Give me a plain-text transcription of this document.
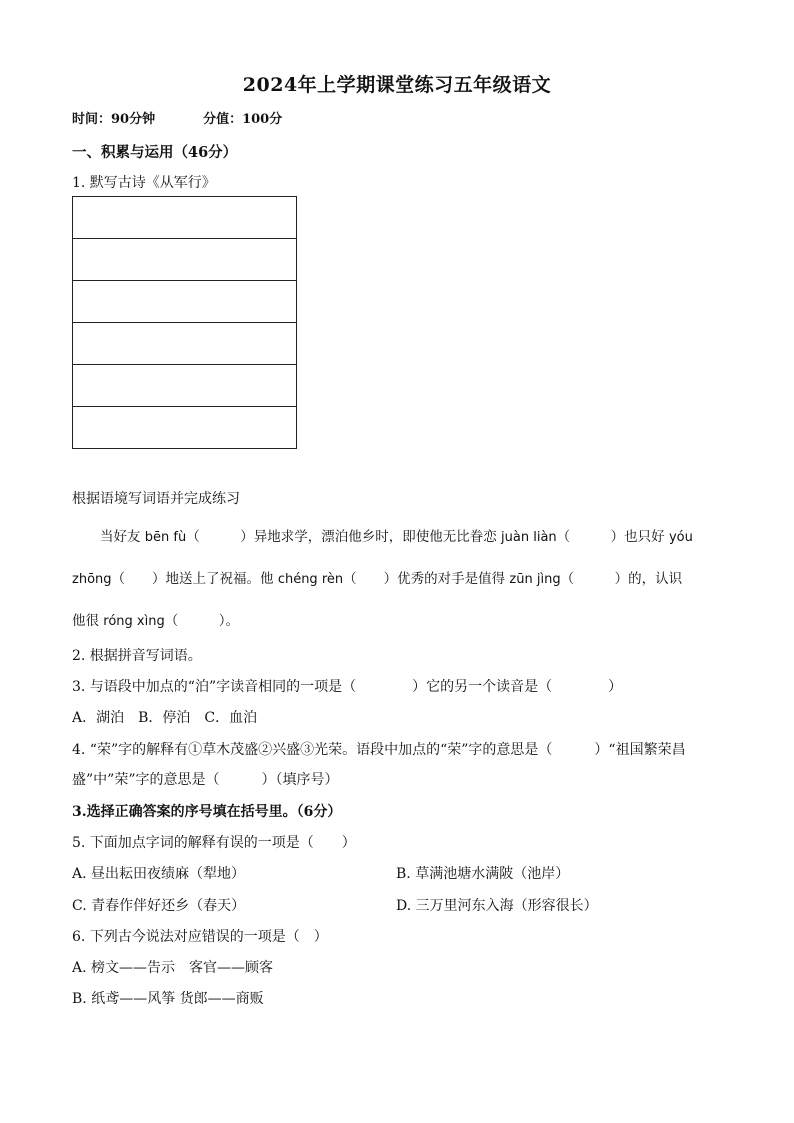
2024年上学期课堂练习五年级语文
时间：90分钟	分值：100分
一、积累与运用（46分）
1. 默写古诗《从军行》
根据语境写词语并完成练习
当好友 bēn fù（　　　）异地求学，漂泊他乡时，即使他无比眷恋 juàn liàn（　　　）也只好 yóu
zhōng（　　）地送上了祝福。他 chéng rèn（　　）优秀的对手是值得 zūn jìng（　　　）的，认识
他很 róng xìng（　　　）。
2. 根据拼音写词语。
3. 与语段中加点的“泊”字读音相同的一项是（　　　　）它的另一个读音是（　　　　）
A．湖泊　B．停泊　C．血泊
4. “荣”字的解释有①草木茂盛②兴盛③光荣。语段中加点的“荣”字的意思是（　　　）“祖国繁荣昌
盛”中”荣”字的意思是（　　　）（填序号）
3.选择正确答案的序号填在括号里。（6分）
5. 下面加点字词的解释有误的一项是（　　）
A. 昼出耘田夜绩麻（犁地）	B. 草满池塘水满陂（池岸）
C. 青春作伴好还乡（春天）	D. 三万里河东入海（形容很长）
6. 下列古今说法对应错误的一项是（　）
A. 榜文——告示　客官——顾客
B. 纸鸢——风筝 货郎——商贩
